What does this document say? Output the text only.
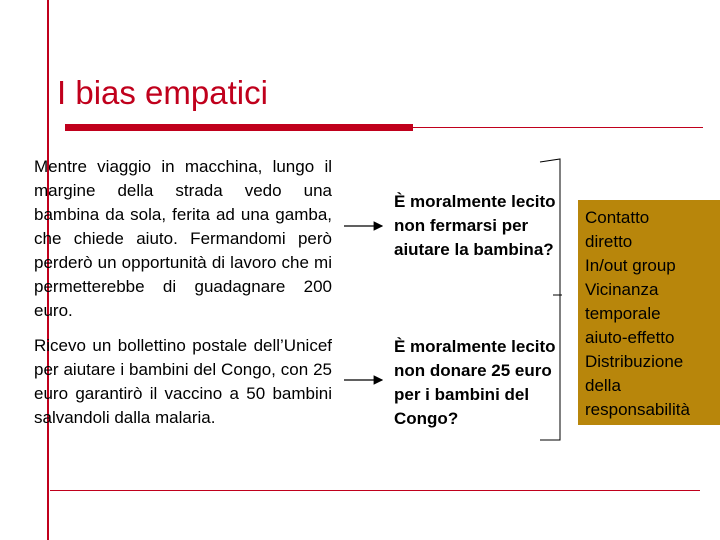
I bias empatici
Mentre viaggio in macchina, lungo il margine della strada vedo una bambina da sola, ferita ad una gamba, che chiede aiuto. Fermandomi però perderò un opportunità di lavoro che mi permetterebbe di guadagnare 200 euro.
Ricevo un bollettino postale dell’Unicef per aiutare i bambini del Congo, con 25 euro garantirò il vaccino a 50 bambini salvandoli dalla malaria.
È moralmente lecito non fermarsi per aiutare la bambina?
È moralmente lecito non donare 25 euro per i bambini del Congo?
Contatto
diretto
In/out group
Vicinanza
temporale
aiuto-effetto
Distribuzione
della
responsabilità
